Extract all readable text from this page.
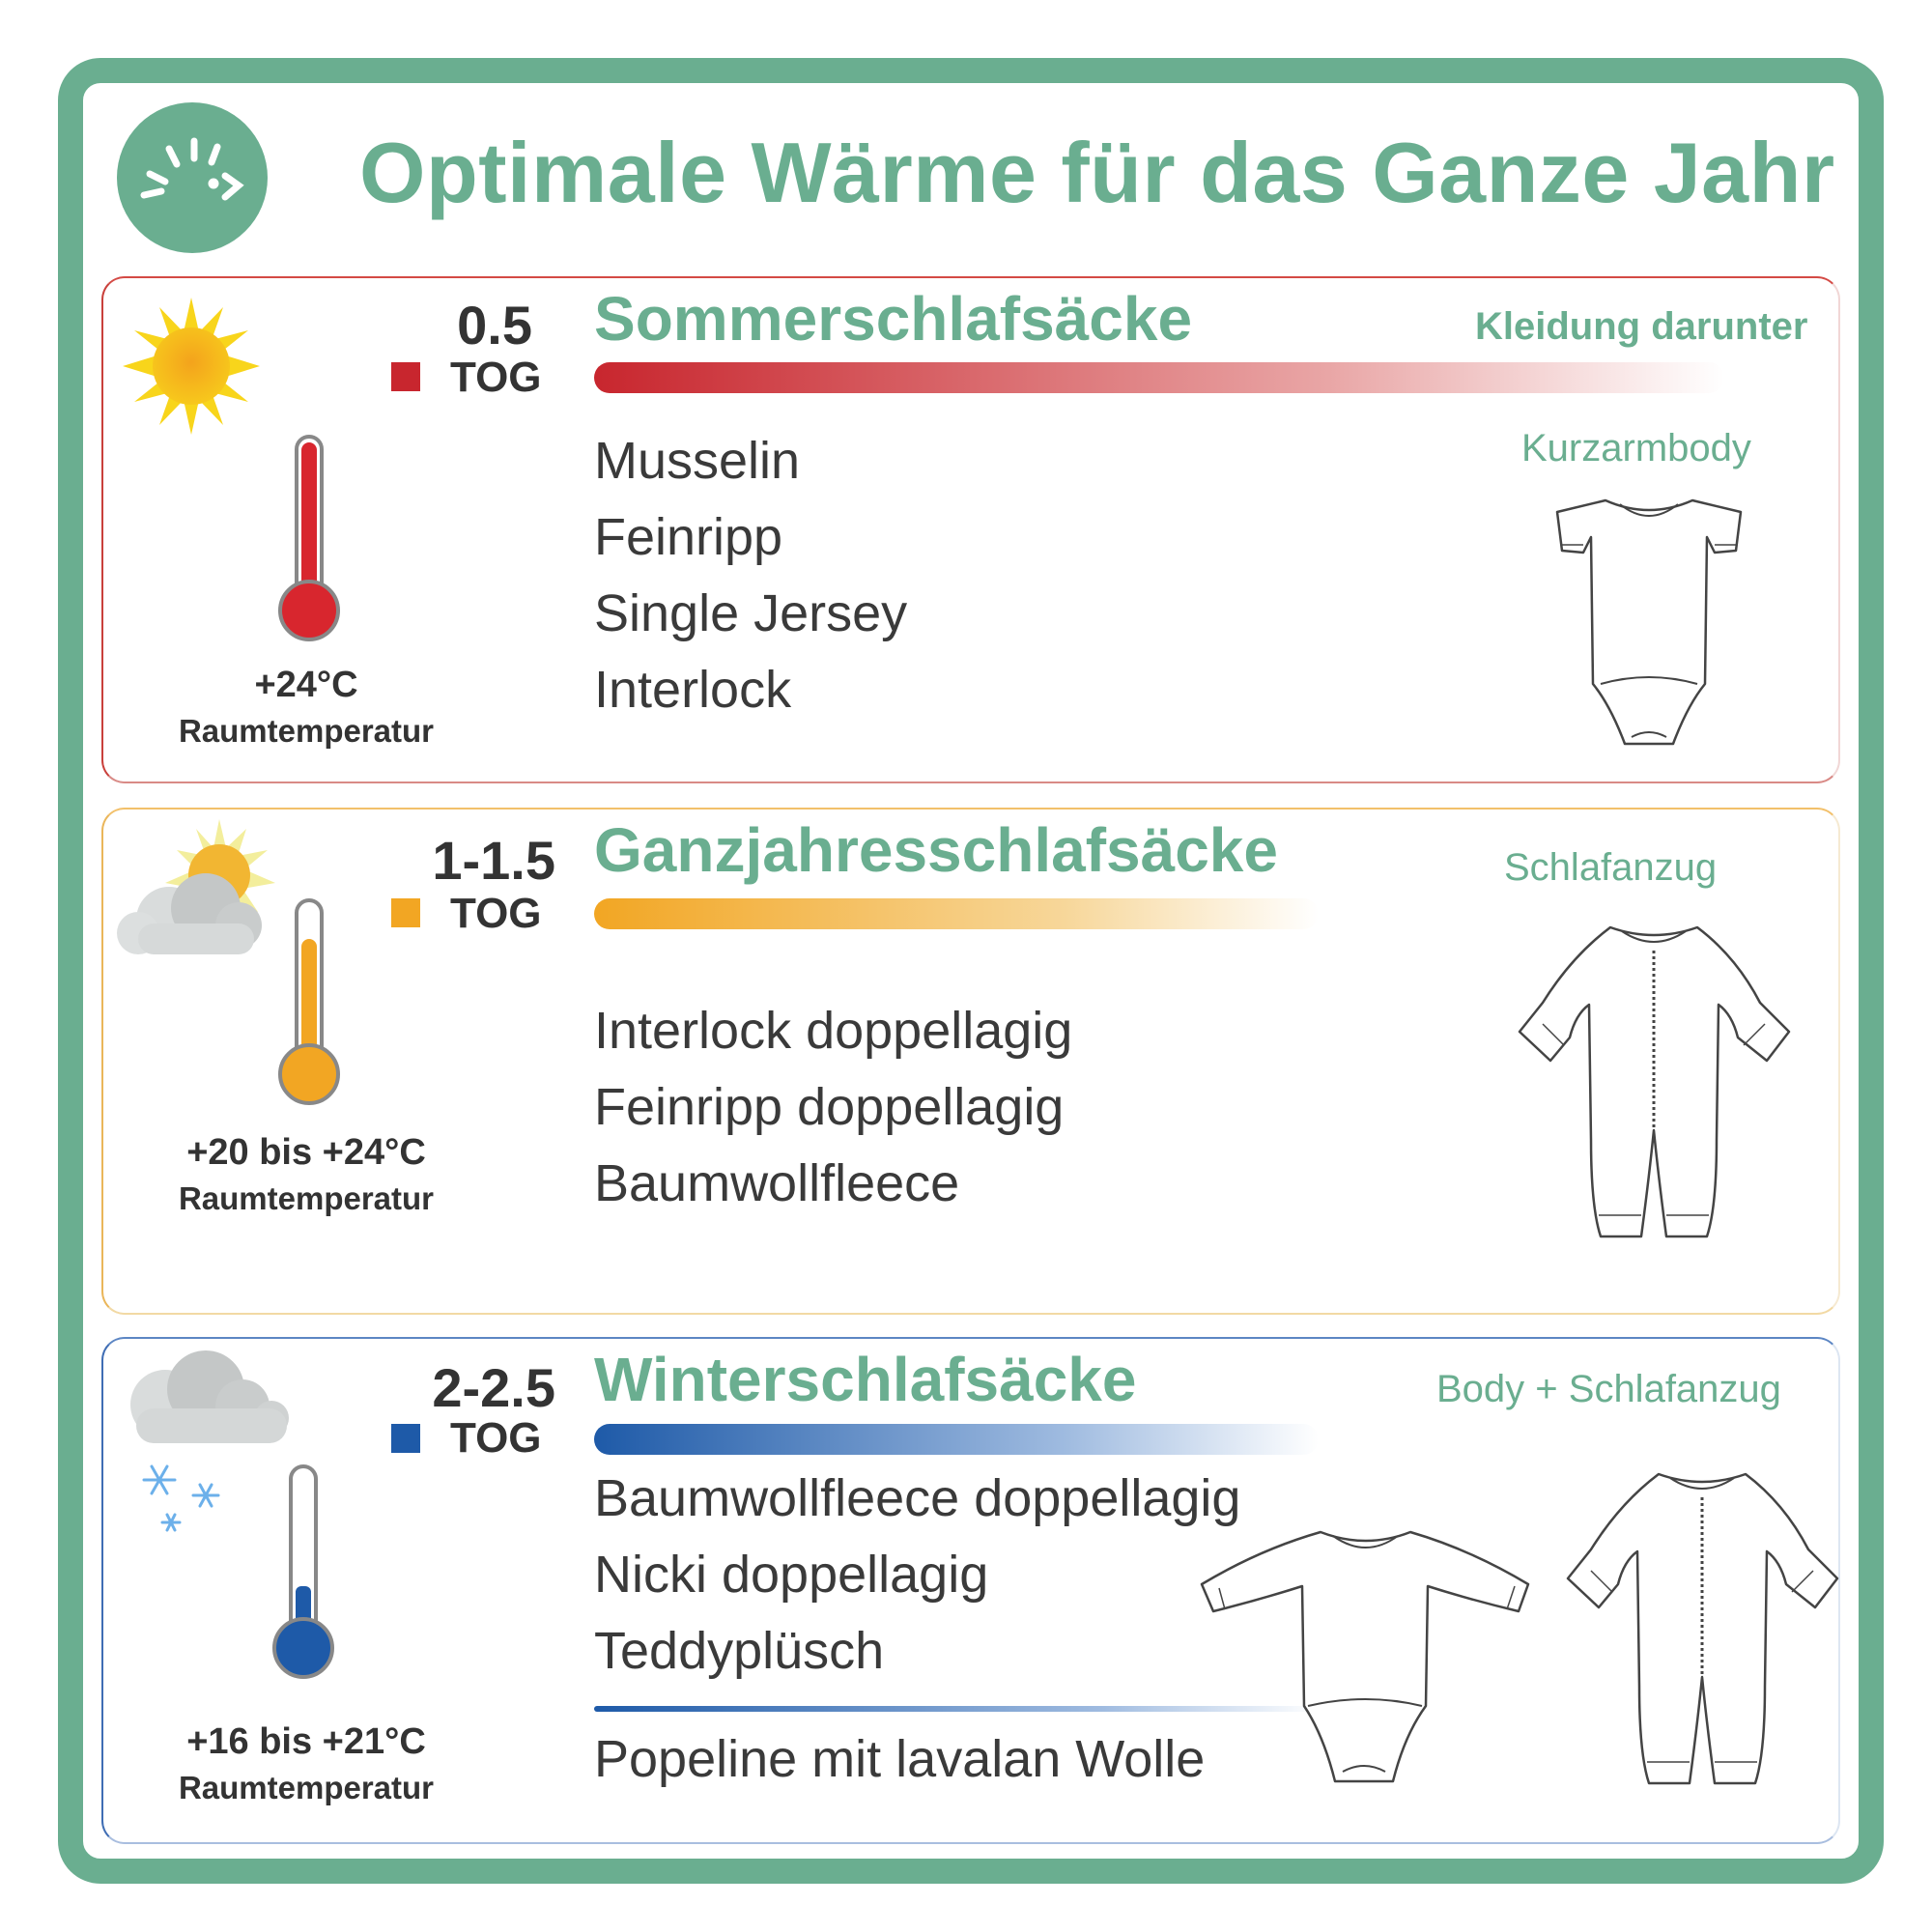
Optimale Wärme für das Ganze Jahr
+24°C
Raumtemperatur
0.5
TOG
Sommerschlafsäcke	Kleidung darunter
Musselin
Feinripp
Single Jersey
Interlock
Kurzarmbody
+20 bis +24°C
Raumtemperatur
1-1.5
TOG
Ganzjahresschlafsäcke
Interlock doppellagig
Feinripp doppellagig
Baumwollfleece
Schlafanzug
+16 bis +21°C
Raumtemperatur
2-2.5
TOG
Winterschlafsäcke	Body + Schlafanzug
Baumwollfleece doppellagig
Nicki doppellagig
Teddyplüsch
Popeline mit lavalan Wolle
